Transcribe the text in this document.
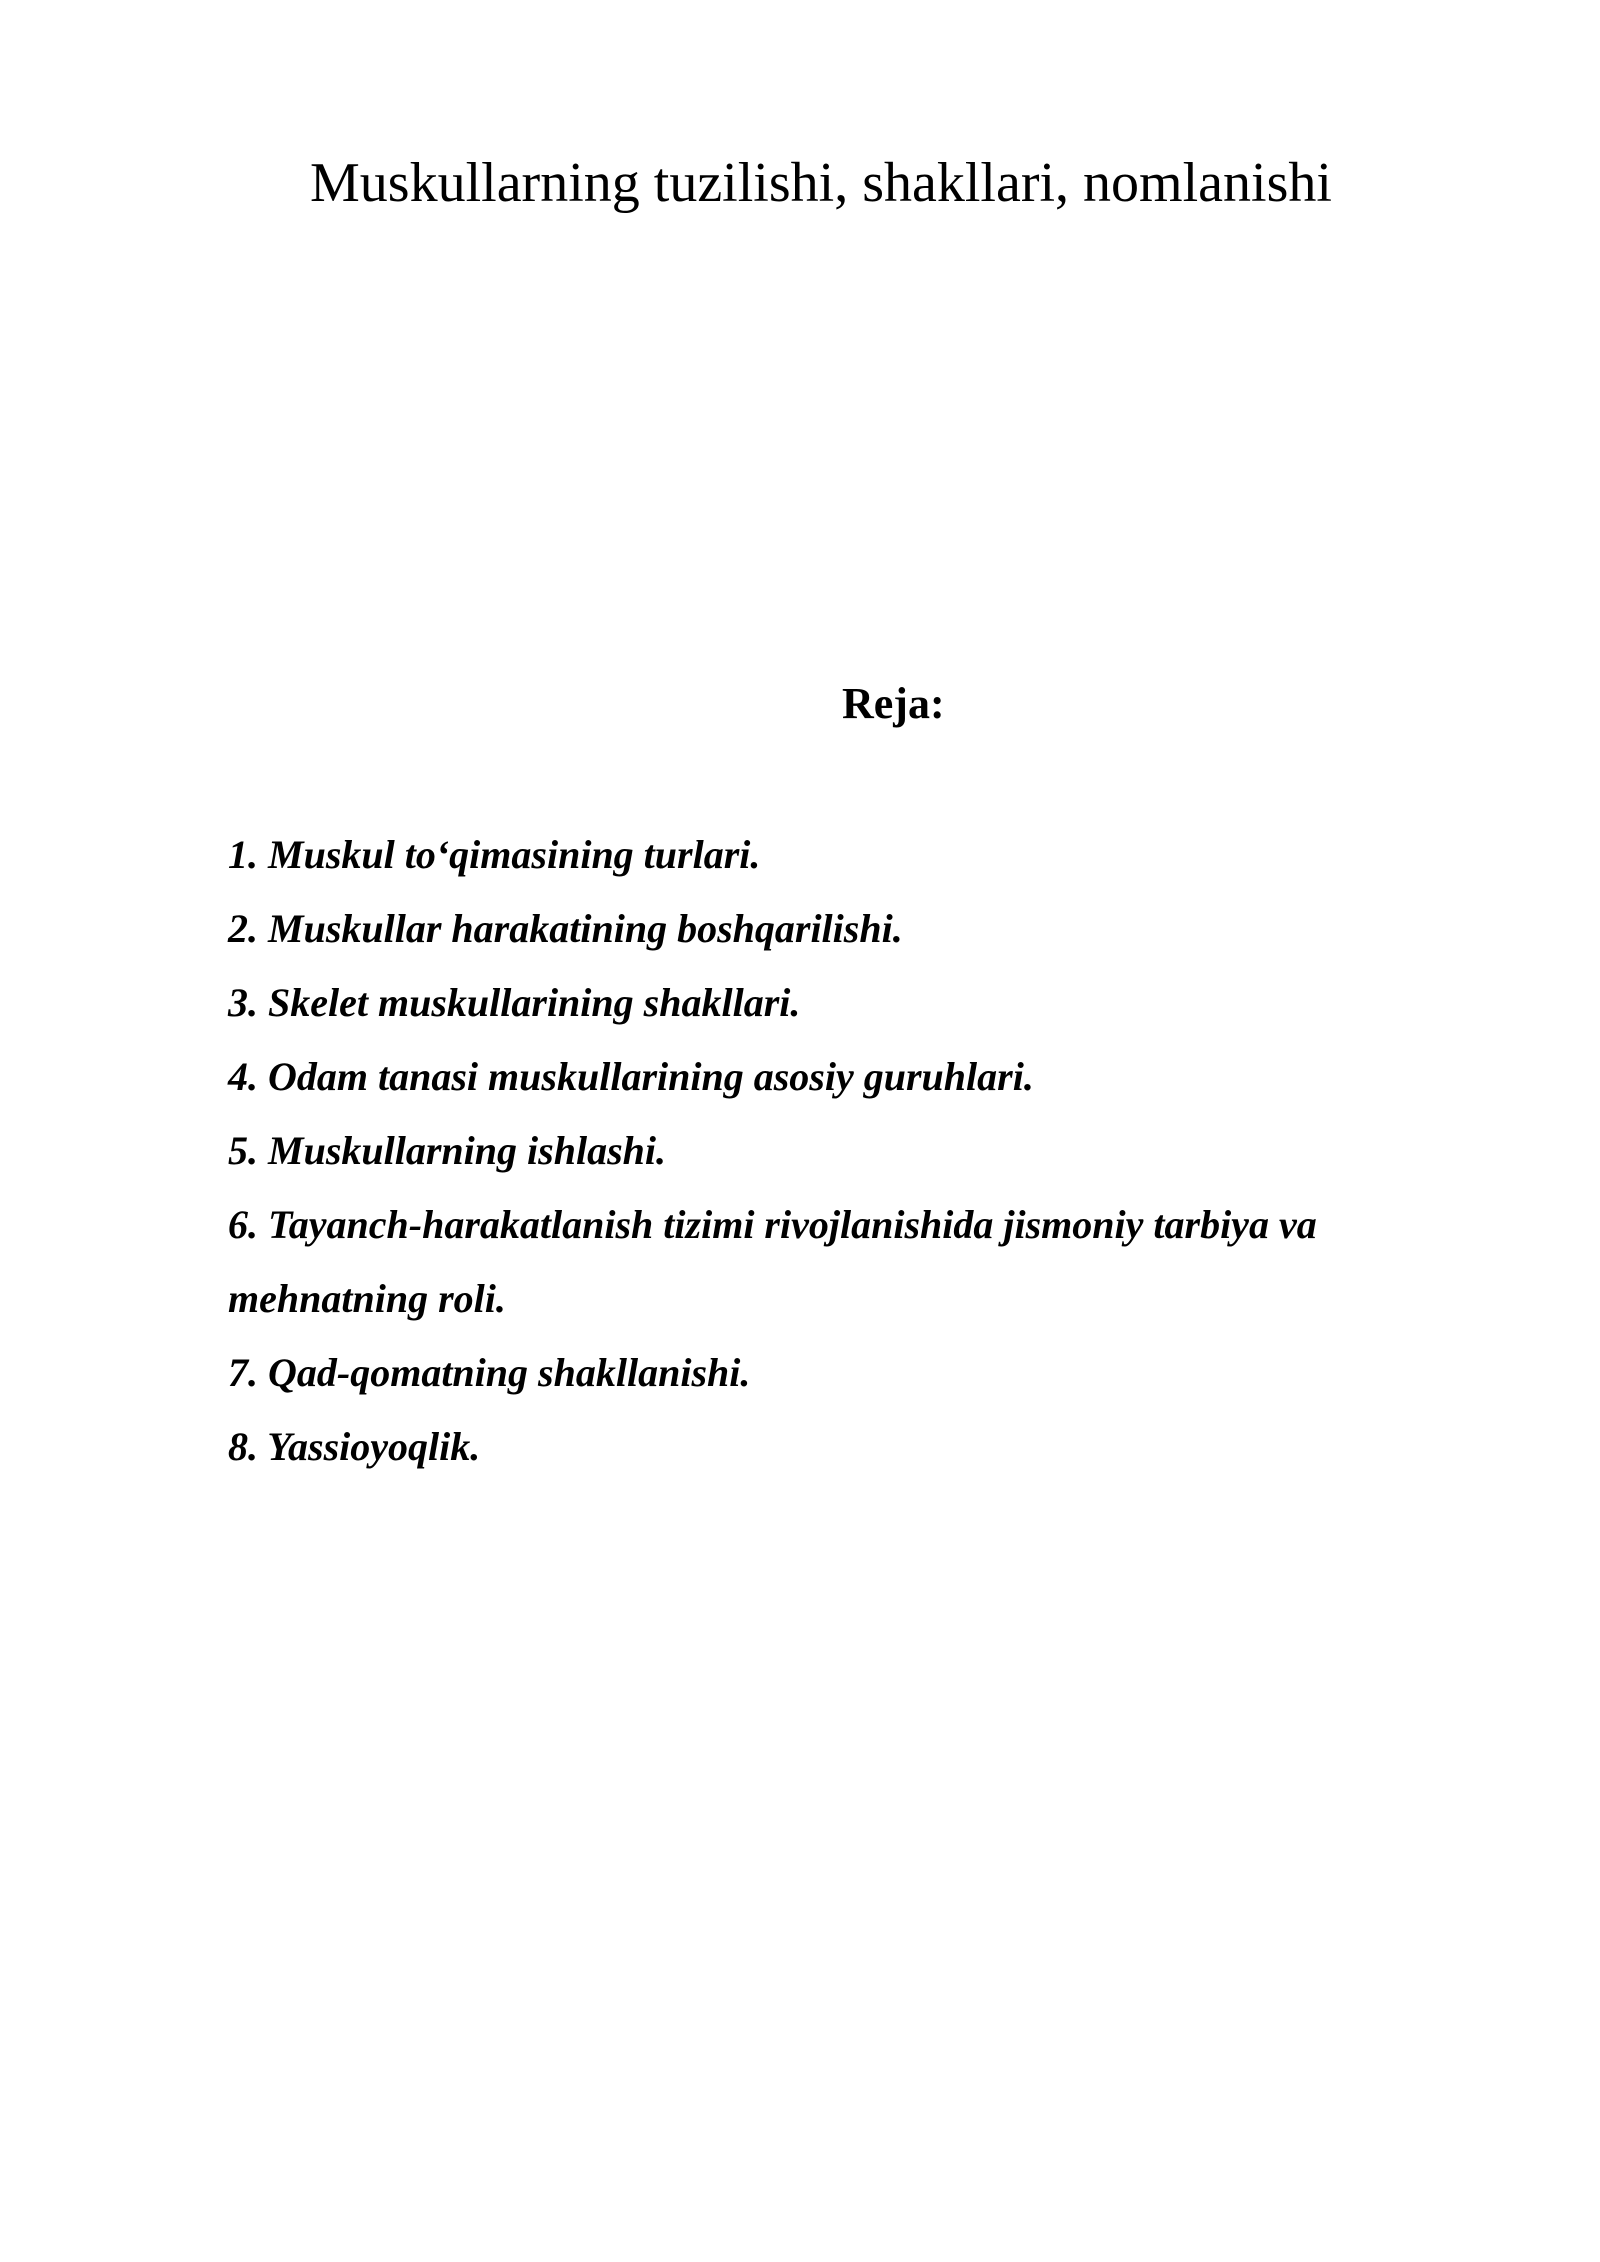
Muskullarning tuzilishi, shakllari, nomlanishi
Reja:
1. Muskul to‘qimasining turlari.
2. Muskullar harakatining boshqarilishi.
3. Skelet muskullarining shakllari.
4. Odam tanasi muskullarining asosiy guruhlari.
5. Muskullarning ishlashi.
6. Tayanch-harakatlanish tizimi rivojlanishida jismoniy tarbiya va mehnatning roli.
7. Qad-qomatning shakllanishi.
8. Yassioyoqlik.
